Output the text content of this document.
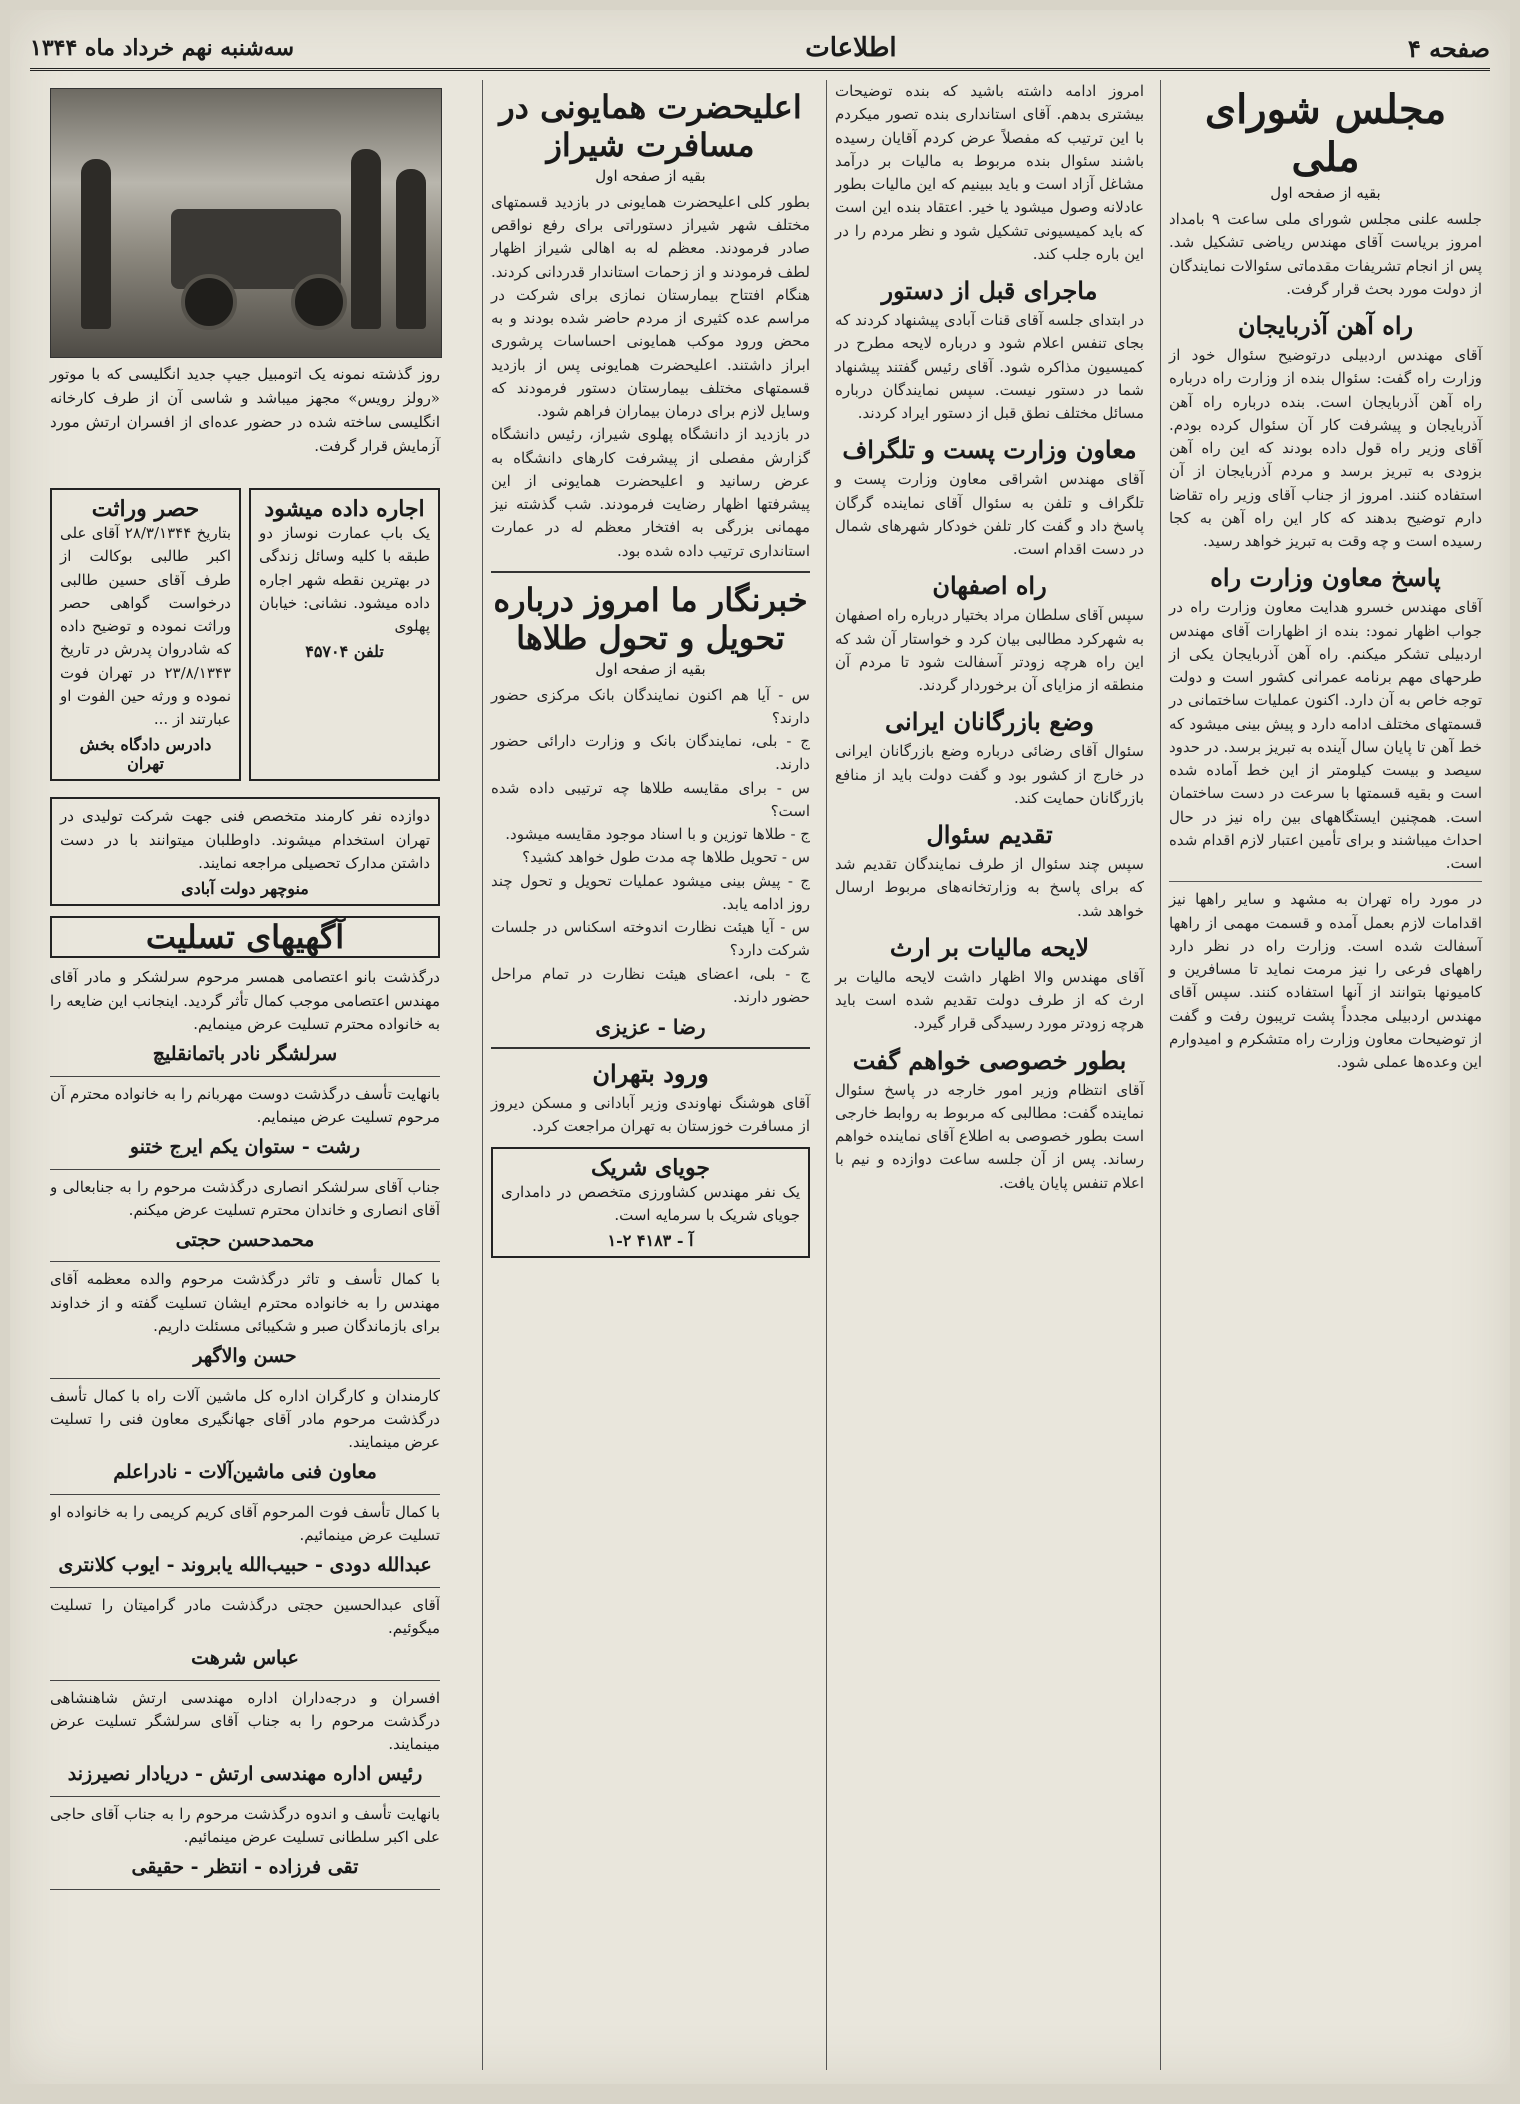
صفحه ۴
اطلاعات
سه‌شنبه نهم خرداد ماه ۱۳۴۴
مجلس شورای ملی
بقیه از صفحه اول
جلسه علنی مجلس شورای ملی ساعت ۹ بامداد امروز بریاست آقای مهندس ریاضی تشکیل شد. پس از انجام تشریفات مقدماتی سئوالات نمایندگان از دولت مورد بحث قرار گرفت.
راه آهن آذربایجان
آقای مهندس اردبیلی درتوضیح سئوال خود از وزارت راه گفت: سئوال بنده از وزارت راه درباره راه آهن آذربایجان است. بنده درباره راه آهن آذربایجان و پیشرفت کار آن سئوال کرده بودم. آقای وزیر راه قول داده بودند که این راه آهن بزودی به تبریز برسد و مردم آذربایجان از آن استفاده کنند. امروز از جناب آقای وزیر راه تقاضا دارم توضیح بدهند که کار این راه آهن به کجا رسیده است و چه وقت به تبریز خواهد رسید.
پاسخ معاون وزارت راه
آقای مهندس خسرو هدایت معاون وزارت راه در جواب اظهار نمود: بنده از اظهارات آقای مهندس اردبیلی تشکر میکنم. راه آهن آذربایجان یکی از طرحهای مهم برنامه عمرانی کشور است و دولت توجه خاص به آن دارد. اکنون عملیات ساختمانی در قسمتهای مختلف ادامه دارد و پیش بینی میشود که خط آهن تا پایان سال آینده به تبریز برسد. در حدود سیصد و بیست کیلومتر از این خط آماده شده است و بقیه قسمتها با سرعت در دست ساختمان است. همچنین ایستگاههای بین راه نیز در حال احداث میباشند و برای تأمین اعتبار لازم اقدام شده است.
در مورد راه تهران به مشهد و سایر راهها نیز اقدامات لازم بعمل آمده و قسمت مهمی از راهها آسفالت شده است. وزارت راه در نظر دارد راههای فرعی را نیز مرمت نماید تا مسافرین و کامیونها بتوانند از آنها استفاده کنند. سپس آقای مهندس اردبیلی مجدداً پشت تریبون رفت و گفت از توضیحات معاون وزارت راه متشکرم و امیدوارم این وعده‌ها عملی شود.
امروز ادامه داشته باشید که بنده توضیحات بیشتری بدهم. آقای استانداری بنده تصور میکردم با این ترتیب که مفصلاً عرض کردم آقایان رسیده باشند سئوال بنده مربوط به مالیات بر درآمد مشاغل آزاد است و باید ببینیم که این مالیات بطور عادلانه وصول میشود یا خیر. اعتقاد بنده این است که باید کمیسیونی تشکیل شود و نظر مردم را در این باره جلب کند.
ماجرای قبل از دستور
در ابتدای جلسه آقای قنات آبادی پیشنهاد کردند که بجای تنفس اعلام شود و درباره لایحه مطرح در کمیسیون مذاکره شود. آقای رئیس گفتند پیشنهاد شما در دستور نیست. سپس نمایندگان درباره مسائل مختلف نطق قبل از دستور ایراد کردند.
معاون وزارت پست و تلگراف
آقای مهندس اشراقی معاون وزارت پست و تلگراف و تلفن به سئوال آقای نماینده گرگان پاسخ داد و گفت کار تلفن خودکار شهرهای شمال در دست اقدام است.
راه اصفهان
سپس آقای سلطان مراد بختیار درباره راه اصفهان به شهرکرد مطالبی بیان کرد و خواستار آن شد که این راه هرچه زودتر آسفالت شود تا مردم آن منطقه از مزایای آن برخوردار گردند.
وضع بازرگانان ایرانی
سئوال آقای رضائی درباره وضع بازرگانان ایرانی در خارج از کشور بود و گفت دولت باید از منافع بازرگانان حمایت کند.
تقدیم سئوال
سپس چند سئوال از طرف نمایندگان تقدیم شد که برای پاسخ به وزارتخانه‌های مربوط ارسال خواهد شد.
لایحه مالیات بر ارث
آقای مهندس والا اظهار داشت لایحه مالیات بر ارث که از طرف دولت تقدیم شده است باید هرچه زودتر مورد رسیدگی قرار گیرد.
بطور خصوصی خواهم گفت
آقای انتظام وزیر امور خارجه در پاسخ سئوال نماینده گفت: مطالبی که مربوط به روابط خارجی است بطور خصوصی به اطلاع آقای نماینده خواهم رساند. پس از آن جلسه ساعت دوازده و نیم با اعلام تنفس پایان یافت.
اعلیحضرت همایونی در مسافرت شیراز
بقیه از صفحه اول
بطور کلی اعلیحضرت همایونی در بازدید قسمتهای مختلف شهر شیراز دستوراتی برای رفع نواقص صادر فرمودند. معظم له به اهالی شیراز اظهار لطف فرمودند و از زحمات استاندار قدردانی کردند. هنگام افتتاح بیمارستان نمازی برای شرکت در مراسم عده کثیری از مردم حاضر شده بودند و به محض ورود موکب همایونی احساسات پرشوری ابراز داشتند. اعلیحضرت همایونی پس از بازدید قسمتهای مختلف بیمارستان دستور فرمودند که وسایل لازم برای درمان بیماران فراهم شود.
در بازدید از دانشگاه پهلوی شیراز، رئیس دانشگاه گزارش مفصلی از پیشرفت کارهای دانشگاه به عرض رسانید و اعلیحضرت همایونی از این پیشرفتها اظهار رضایت فرمودند. شب گذشته نیز مهمانی بزرگی به افتخار معظم له در عمارت استانداری ترتیب داده شده بود.
خبرنگار ما امروز درباره تحویل و تحول طلاها
بقیه از صفحه اول
س - آیا هم اکنون نمایندگان بانک مرکزی حضور دارند؟
ج - بلی، نمایندگان بانک و وزارت دارائی حضور دارند.
س - برای مقایسه طلاها چه ترتیبی داده شده است؟
ج - طلاها توزین و با اسناد موجود مقایسه میشود.
س - تحویل طلاها چه مدت طول خواهد کشید؟
ج - پیش بینی میشود عملیات تحویل و تحول چند روز ادامه یابد.
س - آیا هیئت نظارت اندوخته اسکناس در جلسات شرکت دارد؟
ج - بلی، اعضای هیئت نظارت در تمام مراحل حضور دارند.
رضا - عزیزی
ورود بتهران
آقای هوشنگ نهاوندی وزیر آبادانی و مسکن دیروز از مسافرت خوزستان به تهران مراجعت کرد.
جویای شریک
یک نفر مهندس کشاورزی متخصص در دامداری جویای شریک با سرمایه است.
آ - ۴۱۸۳ ۲-۱
روز گذشته نمونه یک اتومبیل جیپ جدید انگلیسی که با موتور «رولز رویس» مجهز میباشد و شاسی آن از طرف کارخانه انگلیسی ساخته شده در حضور عده‌ای از افسران ارتش مورد آزمایش قرار گرفت.
اجاره داده میشود
یک باب عمارت نوساز دو طبقه با کلیه وسائل زندگی در بهترین نقطه شهر اجاره داده میشود. نشانی: خیابان پهلوی
تلفن ۴۵۷۰۴
حصر وراثت
بتاریخ ۲۸/۳/۱۳۴۴ آقای علی اکبر طالبی بوکالت از طرف آقای حسین طالبی درخواست گواهی حصر وراثت نموده و توضیح داده که شادروان پدرش در تاریخ ۲۳/۸/۱۳۴۳ در تهران فوت نموده و ورثه حین الفوت او عبارتند از ...
دادرس دادگاه بخش تهران
دوازده نفر کارمند متخصص فنی جهت شرکت تولیدی در تهران استخدام میشوند. داوطلبان میتوانند با در دست داشتن مدارک تحصیلی مراجعه نمایند.
منوچهر دولت آبادی
آگهیهای تسلیت
درگذشت بانو اعتصامی همسر مرحوم سرلشکر و مادر آقای مهندس اعتصامی موجب کمال تأثر گردید. اینجانب این ضایعه را به خانواده محترم تسلیت عرض مینمایم.
سرلشگر نادر باتمانقلیچ
بانهایت تأسف درگذشت دوست مهربانم را به خانواده محترم آن مرحوم تسلیت عرض مینمایم.
رشت - ستوان یکم ایرج ختنو
جناب آقای سرلشکر انصاری درگذشت مرحوم را به جنابعالی و آقای انصاری و خاندان محترم تسلیت عرض میکنم.
محمدحسن حجتی
با کمال تأسف و تاثر درگذشت مرحوم والده معظمه آقای مهندس را به خانواده محترم ایشان تسلیت گفته و از خداوند برای بازماندگان صبر و شکیبائی مسئلت داریم.
حسن والاگهر
کارمندان و کارگران اداره کل ماشین آلات راه با کمال تأسف درگذشت مرحوم مادر آقای جهانگیری معاون فنی را تسلیت عرض مینمایند.
معاون فنی ماشین‌آلات - نادراعلم
با کمال تأسف فوت المرحوم آقای کریم کریمی را به خانواده او تسلیت عرض مینمائیم.
عبدالله دودی - حبیب‌الله یابروند - ایوب کلانتری
آقای عبدالحسین حجتی درگذشت مادر گرامیتان را تسلیت میگوئیم.
عباس شرهت
افسران و درجه‌داران اداره مهندسی ارتش شاهنشاهی درگذشت مرحوم را به جناب آقای سرلشگر تسلیت عرض مینمایند.
رئیس اداره مهندسی ارتش - دریادار نصیرزند
بانهایت تأسف و اندوه درگذشت مرحوم را به جناب آقای حاجی علی اکبر سلطانی تسلیت عرض مینمائیم.
تقی فرزاده - انتظر - حقیقی
